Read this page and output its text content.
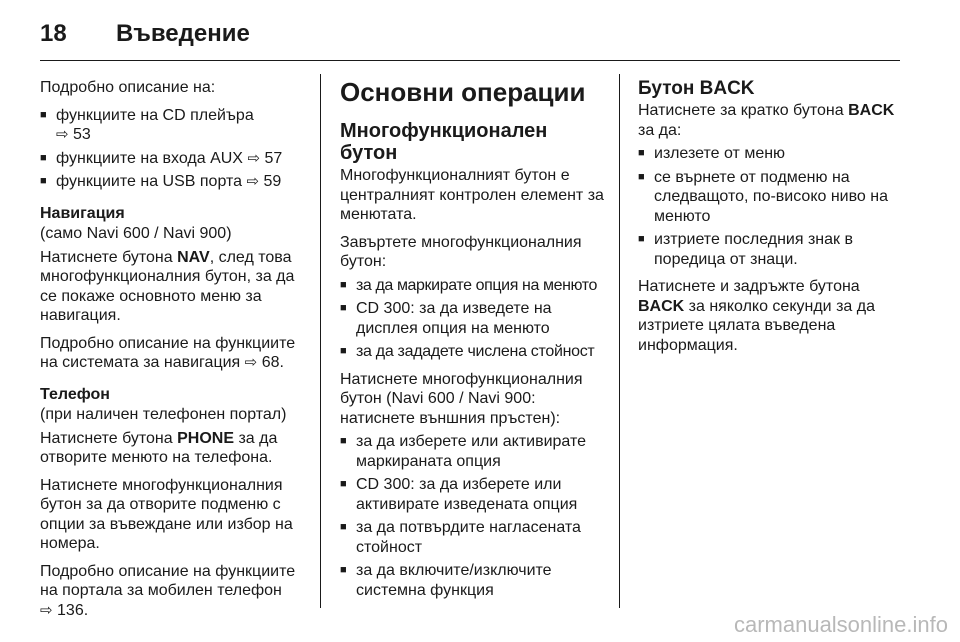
18	Въведение

Подробно описание на:

■ функциите на CD плейъра
⇨ 53
■ функциите на входа AUX ⇨ 57
■ функциите на USB порта ⇨ 59
Навигация

(само Navi 600 / Navi 900)

Натиснете бутона NAV, след това многофункционалния бутон, за да се покаже основното меню за навигация.

Подробно описание на функциите на системата за навигация ⇨ 68.

Телефон

(при наличен телефонен портал)

Натиснете бутона PHONE за да отворите менюто на телефона.

Натиснете многофункционалния бутон за да отворите подменю с опции за въвеждане или избор на номера.

Подробно описание на функциите на портала за мобилен телефон
⇨ 136.

Основни операции
Многофункционален бутон

Многофункционалният бутон е централният контролен елемент за менютата.

Завъртете многофункционалния бутон:

■ за да маркирате опция на менюто
■ CD 300: за да изведете на дисплея опция на менюто
■ за да зададете числена стойност

Натиснете многофункционалния бутон (Navi 600 / Navi 900: натиснете външния пръстен):

■ за да изберете или активирате маркираната опция
■ CD 300: за да изберете или активирате изведената опция
■ за да потвърдите нагласената стойност
■ за да включите/изключите системна функция
Бутон BACK

Натиснете за кратко бутона BACK за да:

■ излезете от меню
■ се върнете от подменю на следващото, по-високо ниво на менюто
■ изтриете последния знак в поредица от знаци.

Натиснете и задръжте бутона BACK за няколко секунди за да изтриете цялата въведена информация.

carmanualsonline.info
